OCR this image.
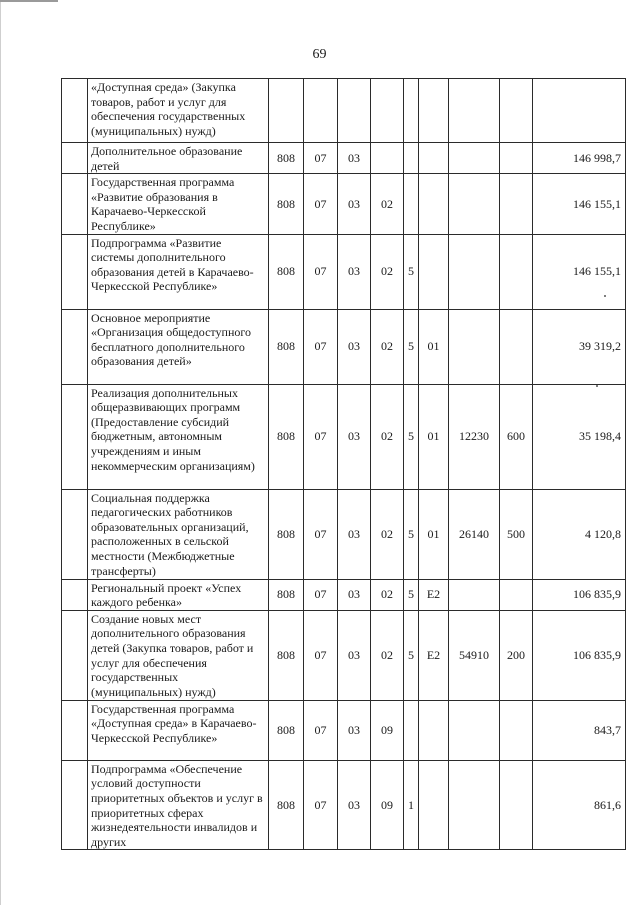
69
	«Доступная среда» (Закупка товаров, работ и услуг для обеспечения государственных (муниципальных) нужд)									
	Дополнительное образование детей	808	07	03						146 998,7
	Государственная программа «Развитие образования в Карачаево-Черкесской Республике»	808	07	03	02					146 155,1
	Подпрограмма «Развитие системы дополнительного образования детей в Карачаево-Черкесской Республике»	808	07	03	02	5				146 155,1
	Основное мероприятие «Организация общедоступного бесплатного дополнительного образования детей»	808	07	03	02	5	01			39 319,2
	Реализация дополнительных общеразвивающих программ (Предоставление субсидий бюджетным, автономным учреждениям и иным некоммерческим организациям)	808	07	03	02	5	01	12230	600	35 198,4
	Социальная поддержка педагогических работников образовательных организаций, расположенных в сельской местности (Межбюджетные трансферты)	808	07	03	02	5	01	26140	500	4 120,8
	Региональный проект «Успех каждого ребенка»	808	07	03	02	5	E2			106 835,9
	Создание новых мест дополнительного образования детей (Закупка товаров, работ и услуг для обеспечения государственных (муниципальных) нужд)	808	07	03	02	5	E2	54910	200	106 835,9
	Государственная программа «Доступная среда» в Карачаево-Черкесской Республике»	808	07	03	09					843,7
	Подпрограмма «Обеспечение условий доступности приоритетных объектов и услуг в приоритетных сферах жизнедеятельности инвалидов и других	808	07	03	09	1				861,6
